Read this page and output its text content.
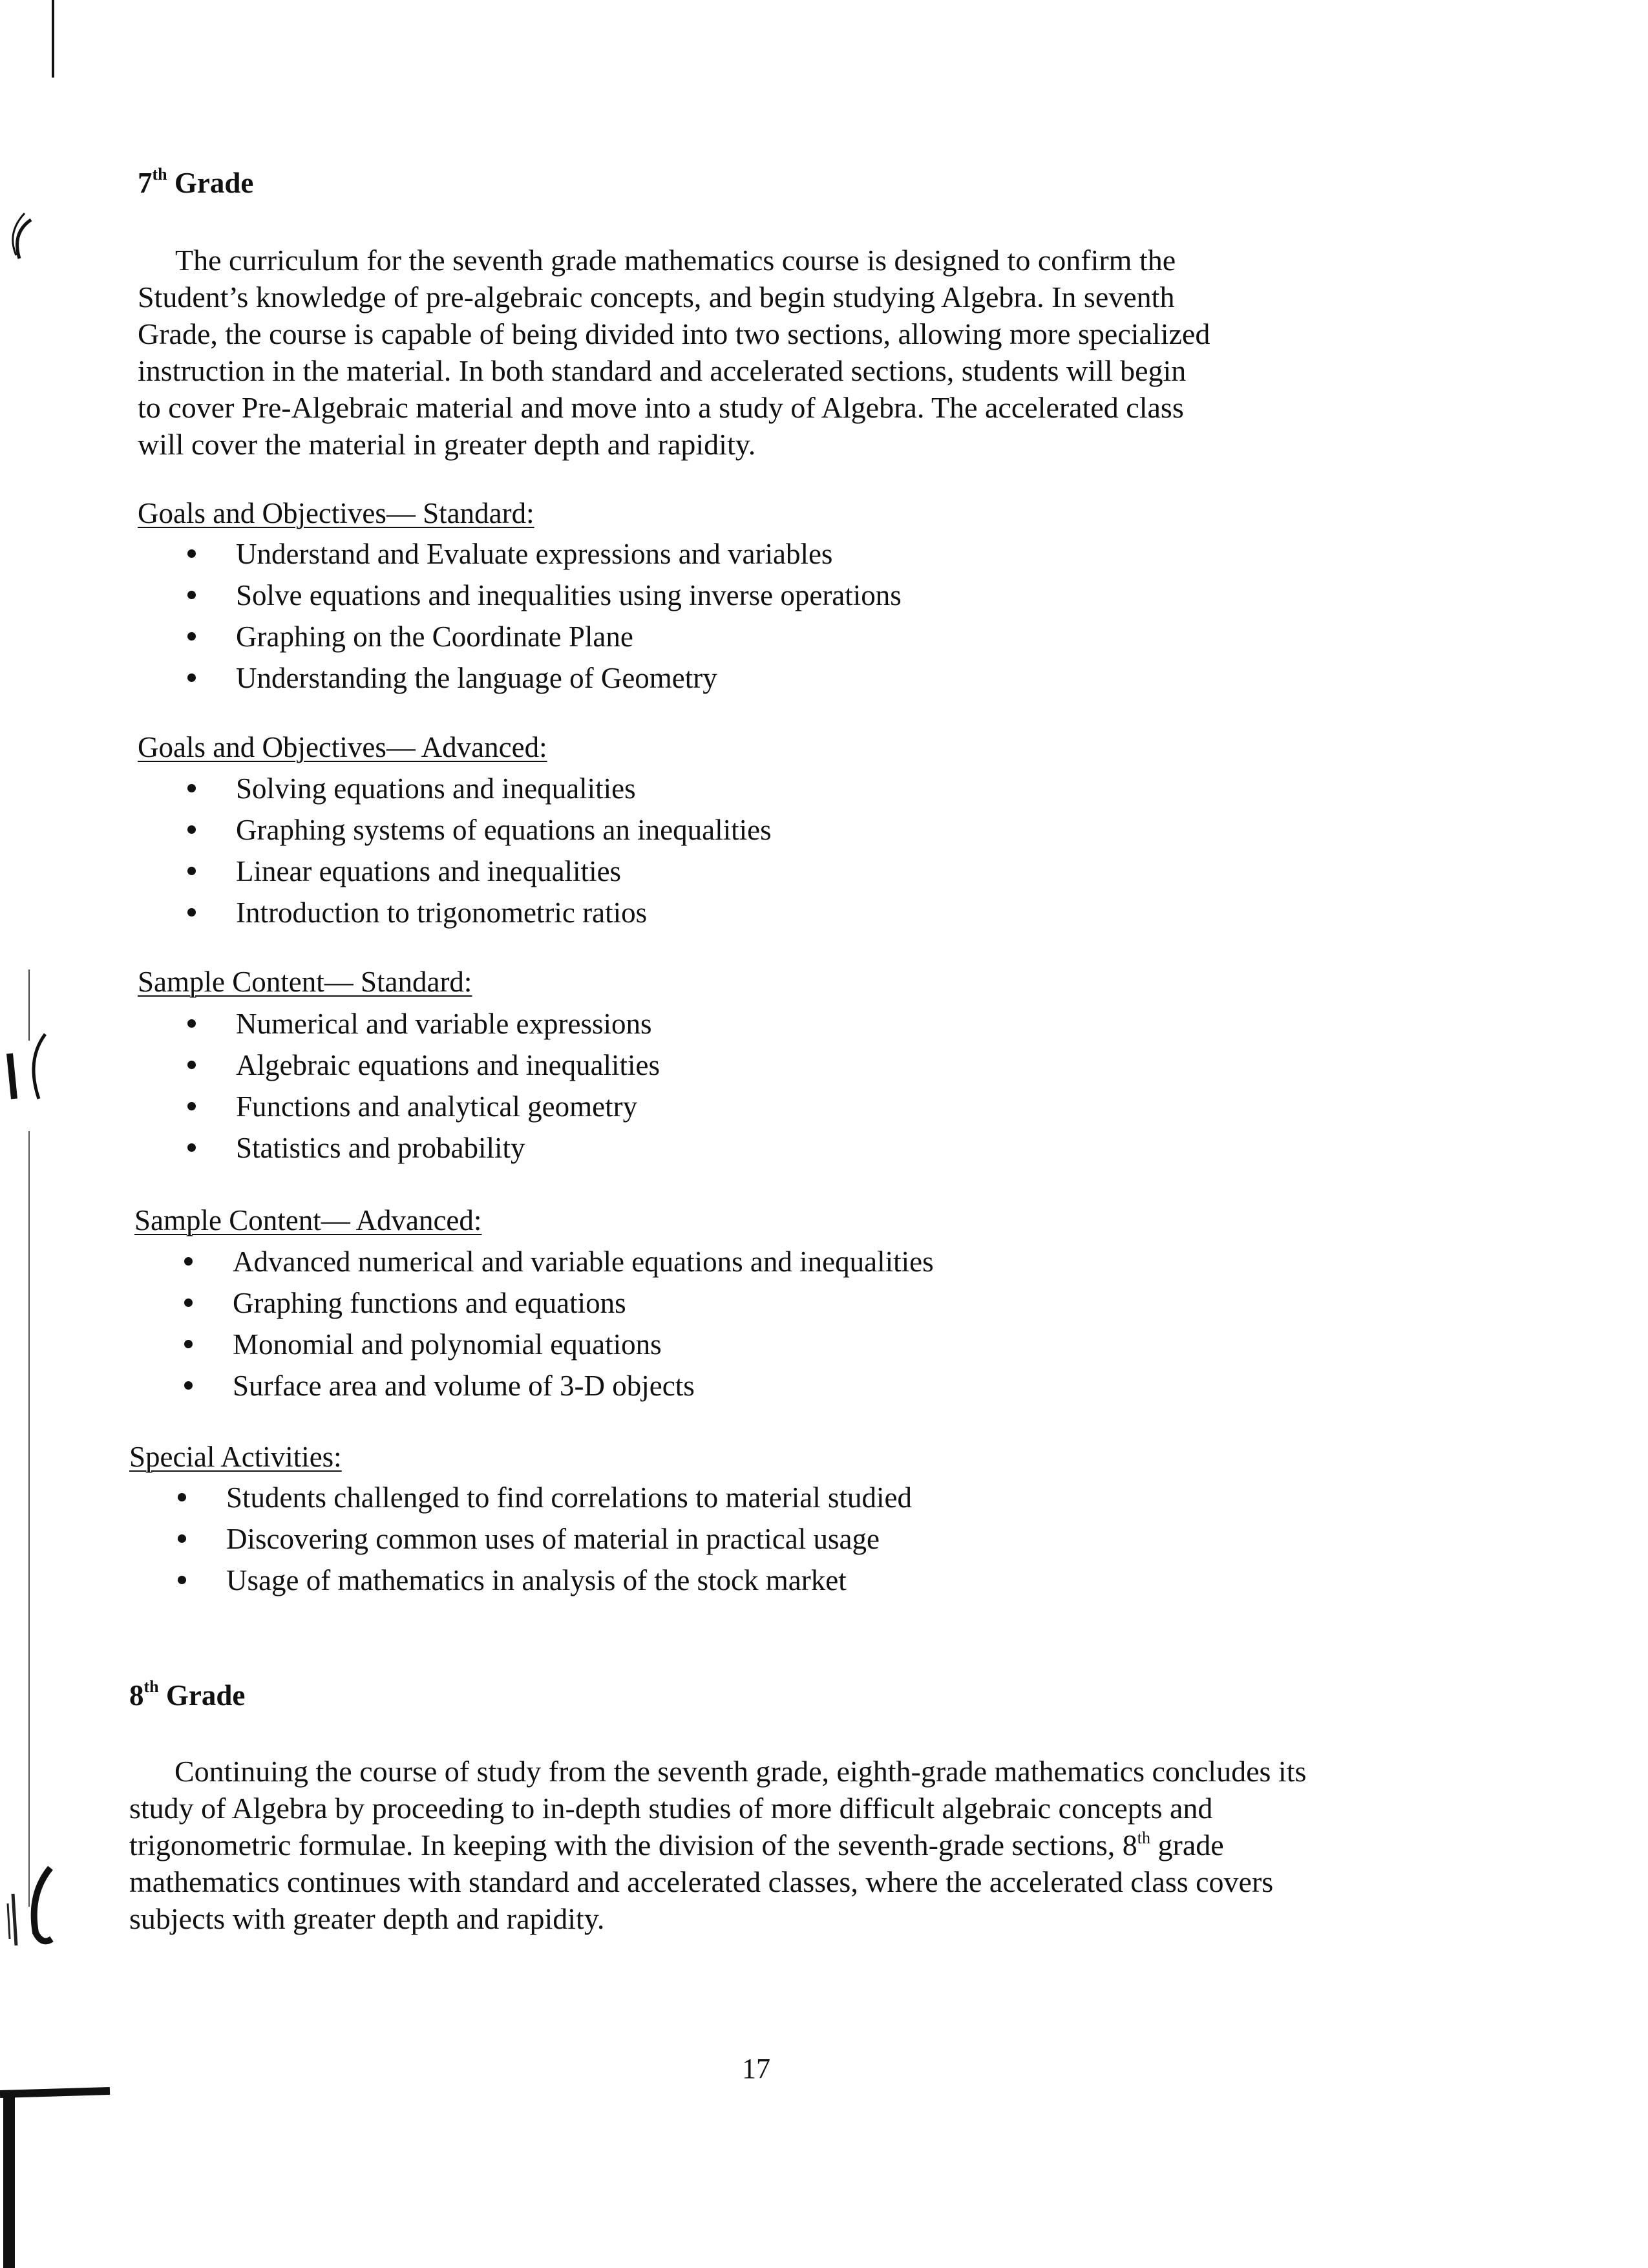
7th Grade

The curriculum for the seventh grade mathematics course is designed to confirm the
Student’s knowledge of pre-algebraic concepts, and begin studying Algebra. In seventh
Grade, the course is capable of being divided into two sections, allowing more specialized
instruction in the material. In both standard and accelerated sections, students will begin
to cover Pre-Algebraic material and move into a study of Algebra. The accelerated class
will cover the material in greater depth and rapidity.

Goals and Objectives— Standard:

Understand and Evaluate expressions and variables
Solve equations and inequalities using inverse operations
Graphing on the Coordinate Plane
Understanding the language of Geometry

Goals and Objectives— Advanced:

Solving equations and inequalities
Graphing systems of equations an inequalities
Linear equations and inequalities
Introduction to trigonometric ratios

Sample Content— Standard:

Numerical and variable expressions
Algebraic equations and inequalities
Functions and analytical geometry
Statistics and probability

Sample Content— Advanced:

Advanced numerical and variable equations and inequalities
Graphing functions and equations
Monomial and polynomial equations
Surface area and volume of 3-D objects

Special Activities:

Students challenged to find correlations to material studied
Discovering common uses of material in practical usage
Usage of mathematics in analysis of the stock market
8th Grade

Continuing the course of study from the seventh grade, eighth-grade mathematics concludes its
study of Algebra by proceeding to in-depth studies of more difficult algebraic concepts and
trigonometric formulae. In keeping with the division of the seventh-grade sections, 8th grade
mathematics continues with standard and accelerated classes, where the accelerated class covers
subjects with greater depth and rapidity.

17
